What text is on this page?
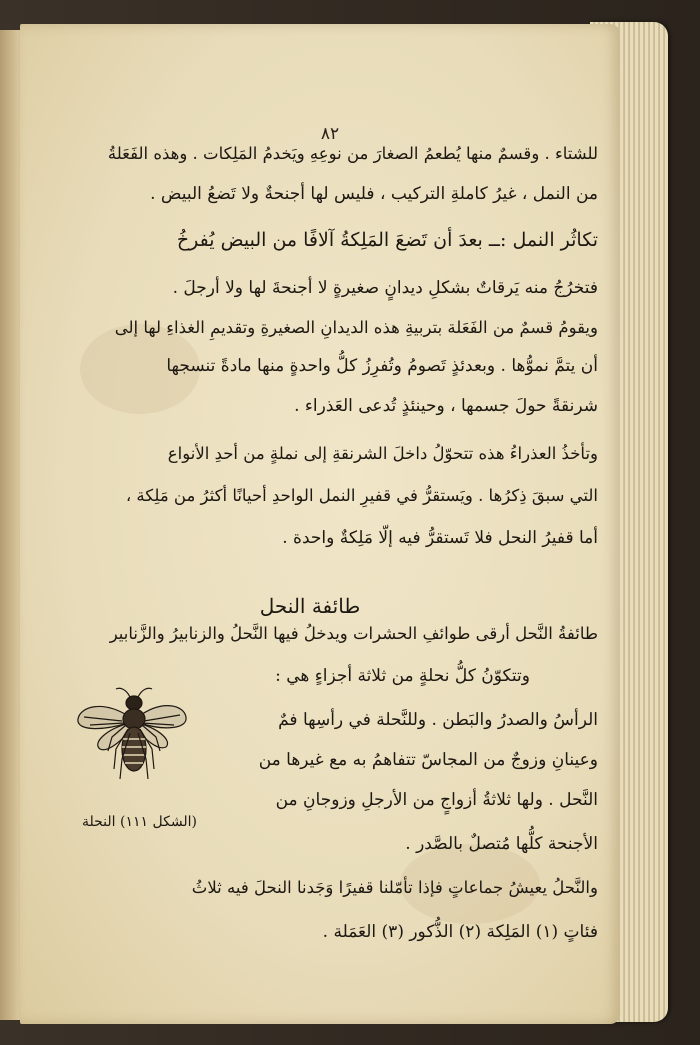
٨٢
للشتاء . وقسمٌ منها يُطعمُ الصغارَ من نوعِهِ ويَخدمُ المَلِكات . وهذه الفَعَلةُ
من النمل ، غيرُ كاملةِ التركيب ، فليس لها أجنحةٌ ولا تَضعُ البيض .
تكاثُر النمل :ــ بعدَ أن تَضعَ المَلِكةُ آلافًا من البيض يُفرخُ
فتخرُجُ منه يَرقاتٌ بشكلِ ديدانٍ صغيرةٍ لا أجنحةَ لها ولا أرجلَ .
ويقومُ قسمٌ من الفَعَلة بتربيةِ هذه الديدانِ الصغيرةِ وتقديمِ الغذاءِ لها إلى
أن يتمَّ نموُّها . وبعدئذٍ تَصومُ وتُفرِزُ كلُّ واحدةٍ منها مادةً تنسجها
شرنقةً حولَ جسمها ، وحينئذٍ تُدعى العَذراء .
وتأخذُ العذراءُ هذه تتحوّلُ داخلَ الشرنقةِ إلى نملةٍ من أحدِ الأنواع
التي سبقَ ذِكرُها . ويَستقرُّ في قفيرِ النمل الواحدِ أحيانًا أكثرُ من مَلِكة ،
أما قفيرُ النحل فلا تَستقرُّ فيه إلّا مَلِكةٌ واحدة .
طائفة النحل
طائفةُ النَّحل أرقى طوائفِ الحشرات ويدخلُ فيها النَّحلُ والزنابيرُ والزَّنابير
وتتكوّنُ كلُّ نحلةٍ من ثلاثة أجزاءٍ هي :
الرأسُ والصدرُ والبَطن . وللنَّحلة في رأسِها فمٌ
وعينانِ وزوجٌ من المجاسّ تتفاهمُ به مع غيرها من
النَّحل . ولها ثلاثةُ أزواجٍ من الأرجلِ وزوجانِ من
الأجنحة كلُّها مُتصلٌ بالصَّدر .
والنَّحلُ يعيشُ جماعاتٍ فإذا تأمّلنا قفيرًا وَجَدنا النحلَ فيه ثلاثُ
فئاتٍ (١) المَلِكة (٢) الذُّكور (٣) العَمَلة .
(الشكل ١١١) النحلة
